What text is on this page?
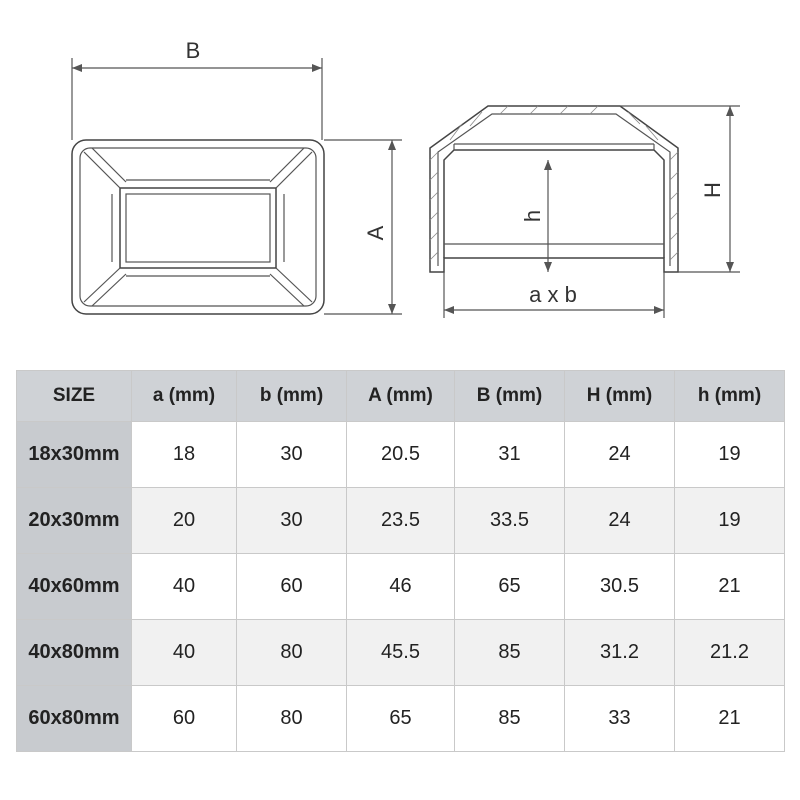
B
A
h
H
a x b
SIZE	a (mm)	b (mm)	A (mm)	B (mm)	H (mm)	h (mm)
18x30mm	18	30	20.5	31	24	19
20x30mm	20	30	23.5	33.5	24	19
40x60mm	40	60	46	65	30.5	21
40x80mm	40	80	45.5	85	31.2	21.2
60x80mm	60	80	65	85	33	21
